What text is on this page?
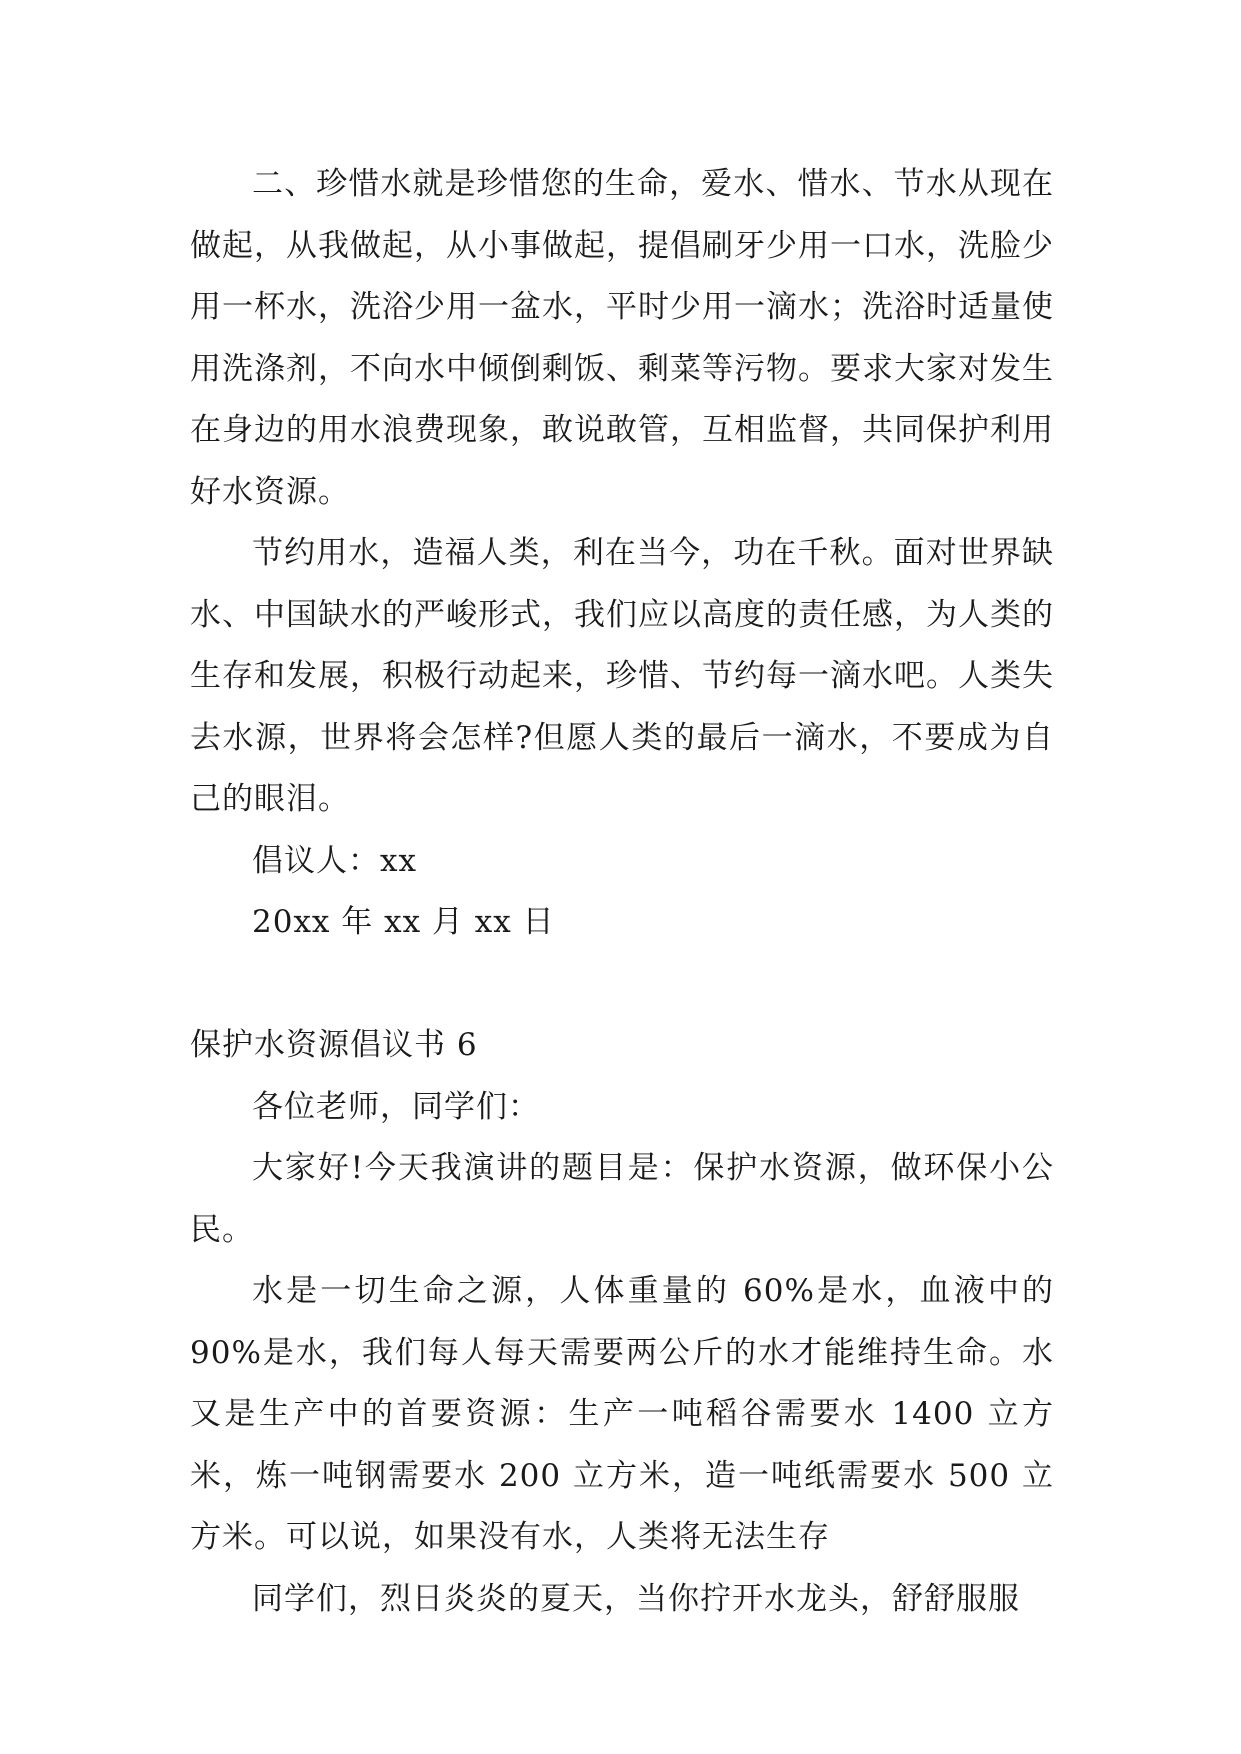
二、珍惜水就是珍惜您的生命，爱水、惜水、节水从现在做起，从我做起，从小事做起，提倡刷牙少用一口水，洗脸少用一杯水，洗浴少用一盆水，平时少用一滴水；洗浴时适量使用洗涤剂，不向水中倾倒剩饭、剩菜等污物。要求大家对发生在身边的用水浪费现象，敢说敢管，互相监督，共同保护利用好水资源。

节约用水，造福人类，利在当今，功在千秋。面对世界缺水、中国缺水的严峻形式，我们应以高度的责任感，为人类的生存和发展，积极行动起来，珍惜、节约每一滴水吧。人类失去水源，世界将会怎样?但愿人类的最后一滴水，不要成为自己的眼泪。

倡议人：xx

20xx 年 xx 月 xx 日

保护水资源倡议书 6

各位老师，同学们：

大家好!今天我演讲的题目是：保护水资源，做环保小公民。

水是一切生命之源，人体重量的 60%是水，血液中的 90%是水，我们每人每天需要两公斤的水才能维持生命。水又是生产中的首要资源：生产一吨稻谷需要水 1400 立方米，炼一吨钢需要水 200 立方米，造一吨纸需要水 500 立方米。可以说，如果没有水，人类将无法生存

同学们，烈日炎炎的夏天，当你拧开水龙头，舒舒服服
